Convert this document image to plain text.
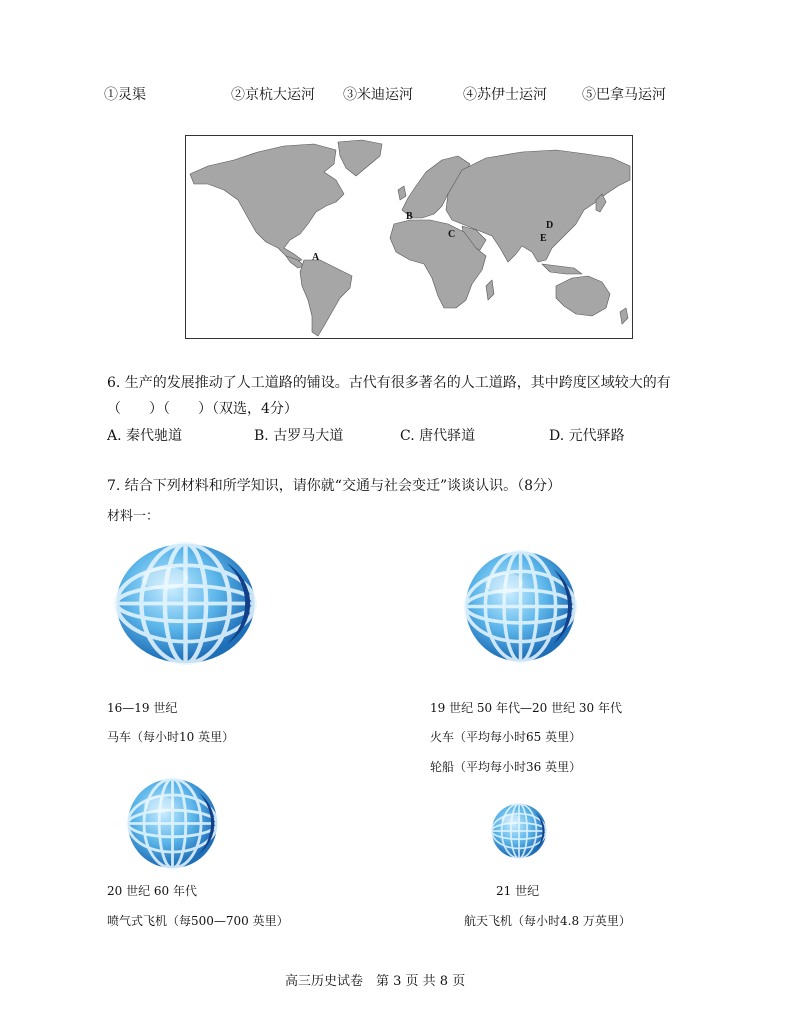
①灵渠	②京杭大运河 ③米迪运河	④苏伊士运河	⑤巴拿马运河
A
B
C
D
E
6. 生产的发展推动了人工道路的铺设。古代有很多著名的人工道路，其中跨度区域较大的有
（　　）（　　）（双选，4分）
A. 秦代驰道	B. 古罗马大道	C. 唐代驿道	D. 元代驿路
7. 结合下列材料和所学知识，请你就“交通与社会变迁”谈谈认识。（8分）
材料一：
16—19 世纪
马车（每小时10 英里）
19 世纪 50 年代—20 世纪 30 年代
火车（平均每小时65 英里）
轮船（平均每小时36 英里）
20 世纪 60 年代
喷气式飞机（每500—700 英里）
21 世纪
航天飞机（每小时4.8 万英里）
高三历史试卷　第 3 页 共 8 页
